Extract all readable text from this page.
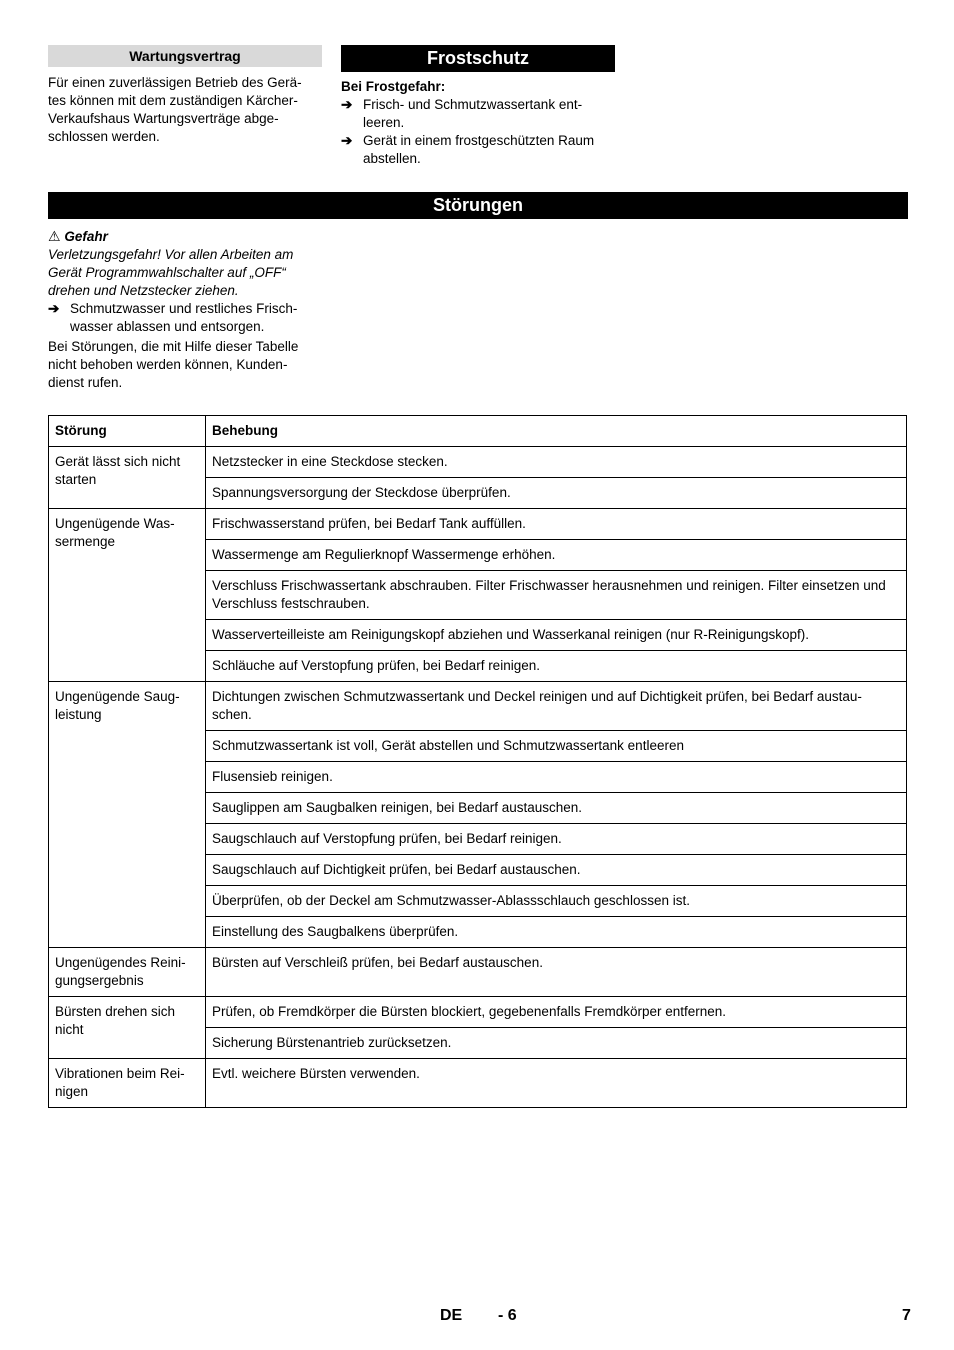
Wartungsvertrag
Für einen zuverlässigen Betrieb des Gerä-
tes können mit dem zuständigen Kärcher-
Verkaufshaus Wartungsverträge abge-
schlossen werden.
Frostschutz
Bei Frostgefahr:
➔ Frisch- und Schmutzwassertank ent-
leeren.
➔ Gerät in einem frostgeschützten Raum
abstellen.
Störungen
⚠ Gefahr
Verletzungsgefahr! Vor allen Arbeiten am
Gerät Programmwahlschalter auf „OFF“
drehen und Netzstecker ziehen.
➔ Schmutzwasser und restliches Frisch-
wasser ablassen und entsorgen.
Bei Störungen, die mit Hilfe dieser Tabelle
nicht behoben werden können, Kunden-
dienst rufen.
Störung	Behebung
Gerät lässt sich nicht starten	Netzstecker in eine Steckdose stecken.
	Spannungsversorgung der Steckdose überprüfen.
Ungenügende Was-sermenge	Frischwasserstand prüfen, bei Bedarf Tank auffüllen.
	Wassermenge am Regulierknopf Wassermenge erhöhen.
	Verschluss Frischwassertank abschrauben. Filter Frischwasser herausnehmen und reinigen. Filter einsetzen und Verschluss festschrauben.
	Wasserverteilleiste am Reinigungskopf abziehen und Wasserkanal reinigen (nur R-Reinigungskopf).
	Schläuche auf Verstopfung prüfen, bei Bedarf reinigen.
Ungenügende Saug-leistung	Dichtungen zwischen Schmutzwassertank und Deckel reinigen und auf Dichtigkeit prüfen, bei Bedarf austau-schen.
	Schmutzwassertank ist voll, Gerät abstellen und Schmutzwassertank entleeren
	Flusensieb reinigen.
	Sauglippen am Saugbalken reinigen, bei Bedarf austauschen.
	Saugschlauch auf Verstopfung prüfen, bei Bedarf reinigen.
	Saugschlauch auf Dichtigkeit prüfen, bei Bedarf austauschen.
	Überprüfen, ob der Deckel am Schmutzwasser-Ablassschlauch geschlossen ist.
	Einstellung des Saugbalkens überprüfen.
Ungenügendes Reini-gungsergebnis	Bürsten auf Verschleiß prüfen, bei Bedarf austauschen.
Bürsten drehen sich nicht	Prüfen, ob Fremdkörper die Bürsten blockiert, gegebenenfalls Fremdkörper entfernen.
	Sicherung Bürstenantrieb zurücksetzen.
Vibrationen beim Rei-nigen	Evtl. weichere Bürsten verwenden.
DE - 6	7
